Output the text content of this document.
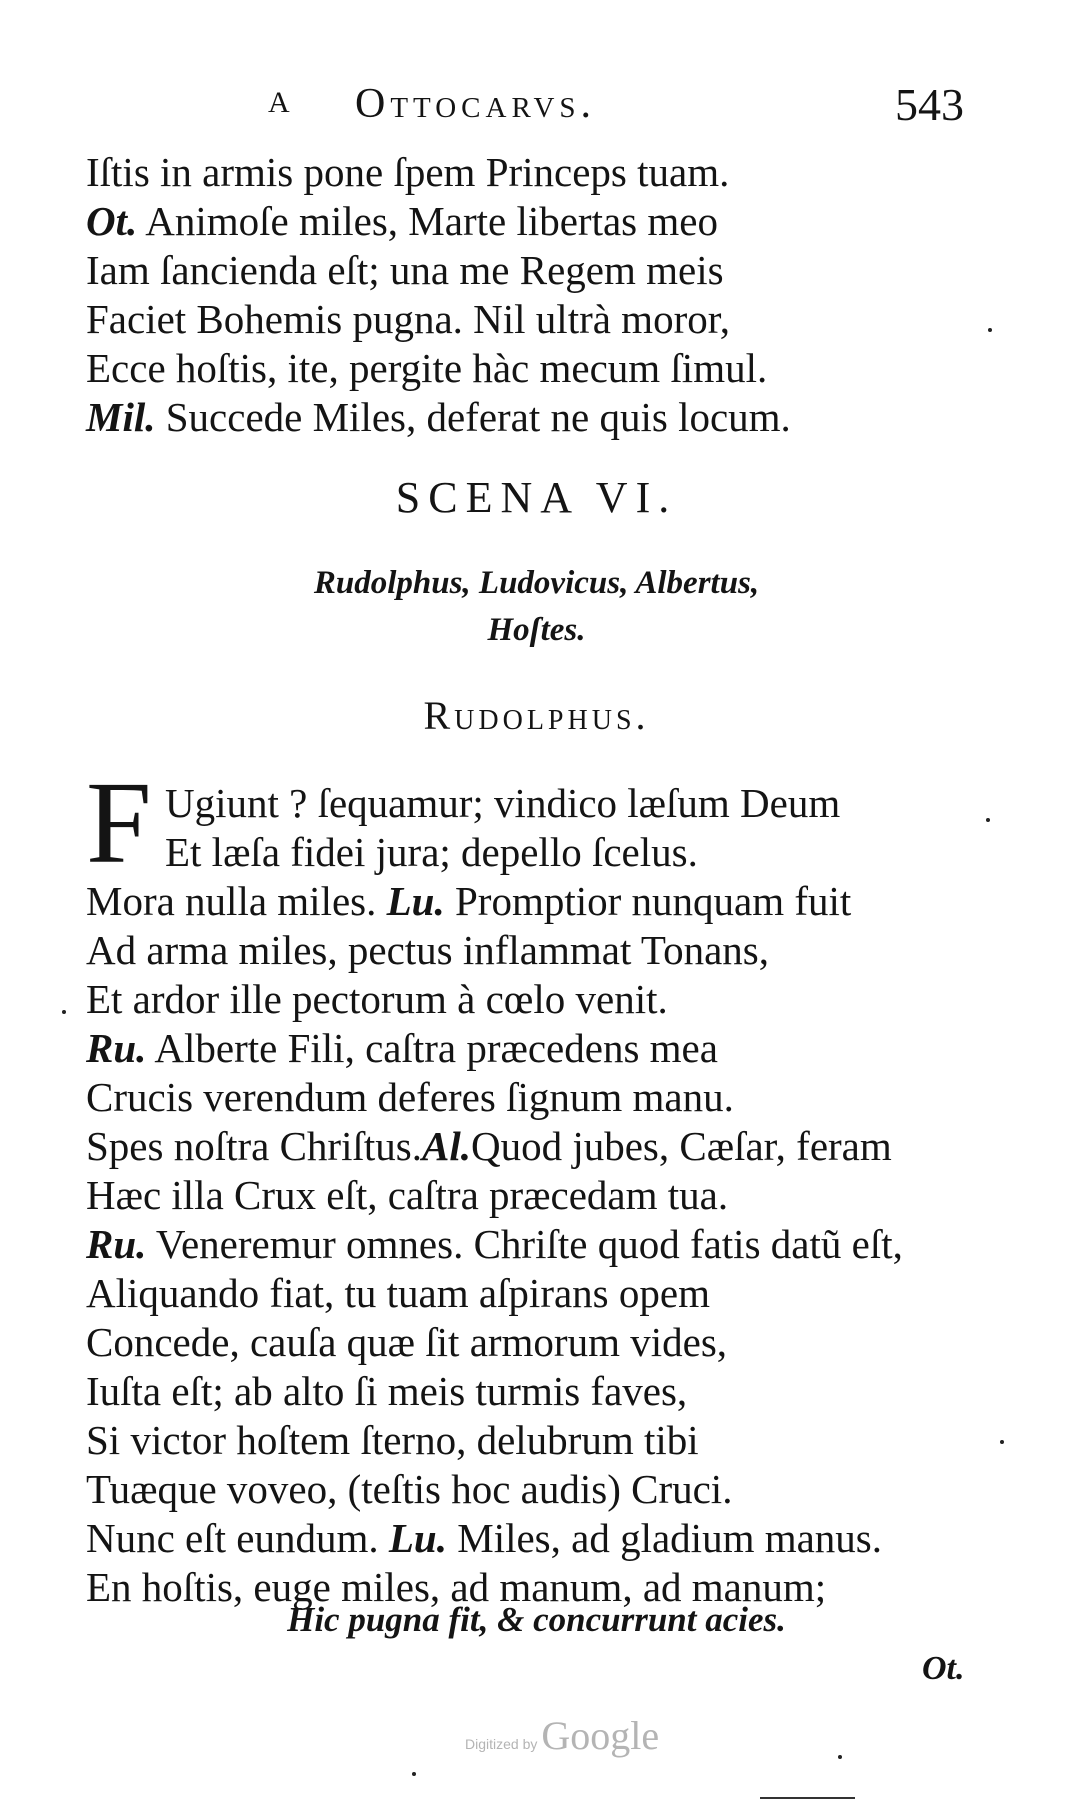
A Ottocarvs.	543
Iſtis in armis pone ſpem Princeps tuam.
Ot. Animoſe miles, Marte libertas meo
Iam ſancienda eſt; una me Regem meis
Faciet Bohemis pugna. Nil ultrà moror,
Ecce hoſtis, ite, pergite hàc mecum ſimul.
Mil. Succede Miles, deferat ne quis locum.
SCENA VI.
Rudolphus, Ludovicus, Albertus,
Hoſtes.
Rudolphus.
F Ugiunt ? ſequamur; vindico læſum Deum
Et læſa fidei jura; depello ſcelus.
Mora nulla miles. Lu. Promptior nunquam fuit
Ad arma miles, pectus inflammat Tonans,
Et ardor ille pectorum à cœlo venit.
Ru. Alberte Fili, caſtra præcedens mea
Crucis verendum deferes ſignum manu.
Spes noſtra Chriſtus.Al.Quod jubes, Cæſar, feram
Hæc illa Crux eſt, caſtra præcedam tua.
Ru. Veneremur omnes. Chriſte quod fatis datũ eſt,
Aliquando fiat, tu tuam aſpirans opem
Concede, cauſa quæ ſit armorum vides,
Iuſta eſt; ab alto ſi meis turmis faves,
Si victor hoſtem ſterno, delubrum tibi
Tuæque voveo, (teſtis hoc audis) Cruci.
Nunc eſt eundum. Lu. Miles, ad gladium manus.
En hoſtis, euge miles, ad manum, ad manum;
Hic pugna fit, & concurrunt acies.
Ot.
Digitized by Google
